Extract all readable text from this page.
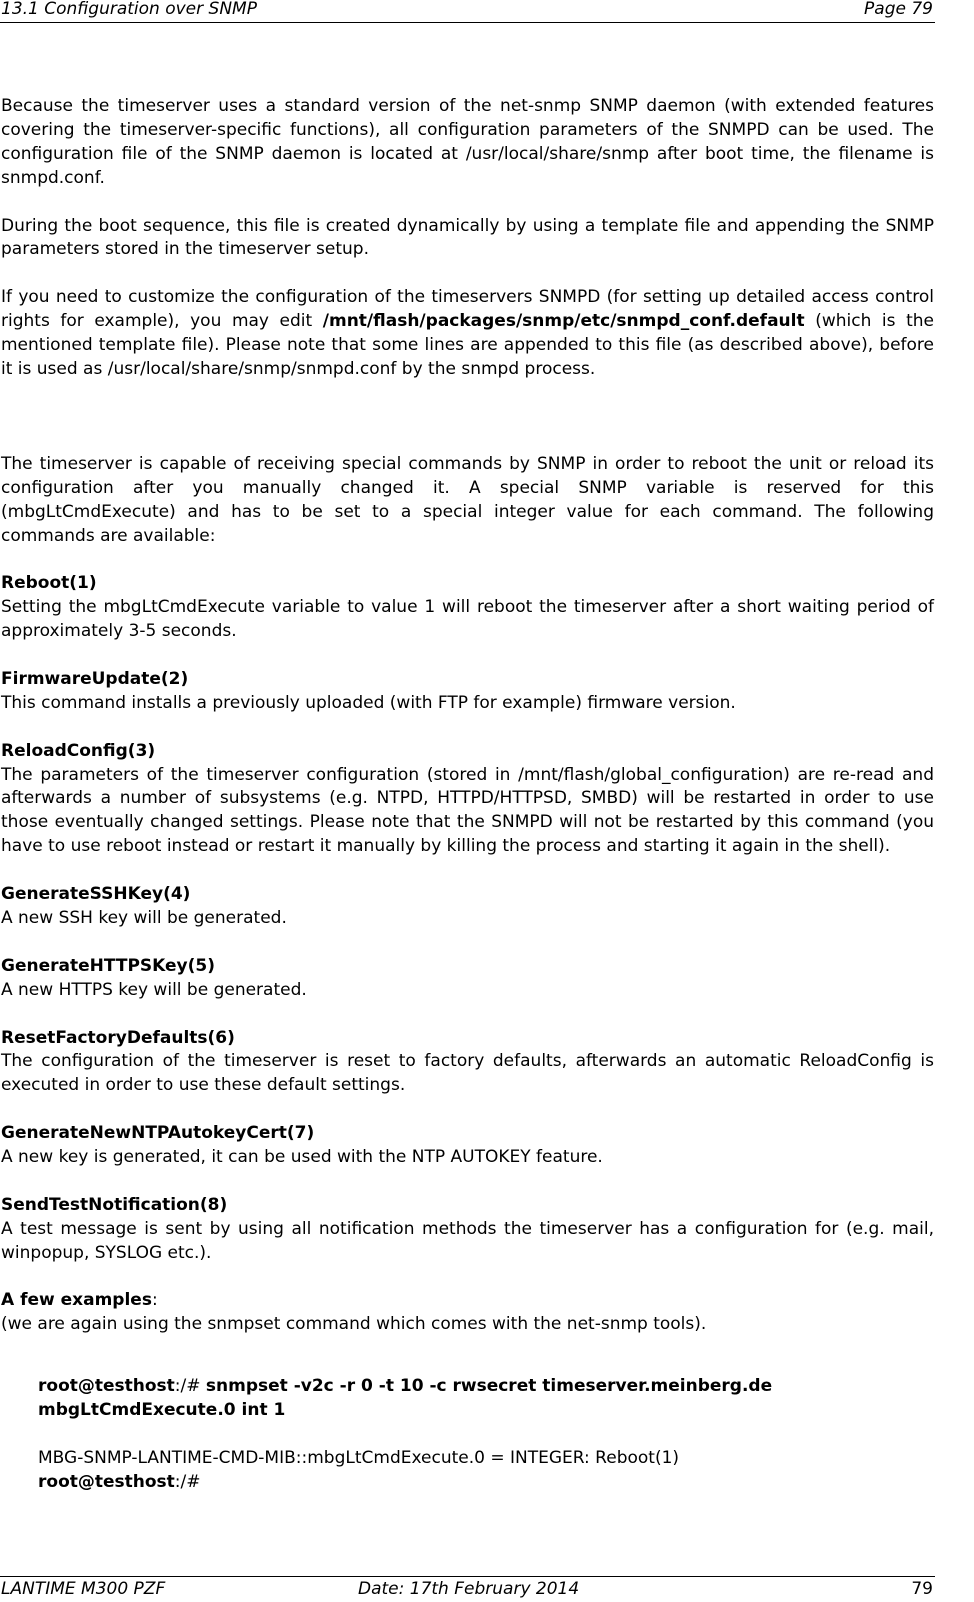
13.1 Configuration over SNMP	Page 79

Because the timeserver uses a standard version of the net-snmp SNMP daemon (with extended features covering the timeserver-specific functions), all configuration parameters of the SNMPD can be used. The configuration file of the SNMP daemon is located at /usr/local/share/snmp after boot time, the filename is snmpd.conf.

During the boot sequence, this file is created dynamically by using a template file and appending the SNMP parameters stored in the timeserver setup.

If you need to customize the configuration of the timeservers SNMPD (for setting up detailed access control rights for example), you may edit /mnt/flash/packages/snmp/etc/snmpd_conf.default (which is the mentioned template file). Please note that some lines are appended to this file (as described above), before it is used as /usr/local/share/snmp/snmpd.conf by the snmpd process.

The timeserver is capable of receiving special commands by SNMP in order to reboot the unit or reload its configuration after you manually changed it. A special SNMP variable is reserved for this (mbgLtCmdExecute) and has to be set to a special integer value for each command. The following commands are available:

Reboot(1)

Setting the mbgLtCmdExecute variable to value 1 will reboot the timeserver after a short waiting period of approximately 3-5 seconds.

FirmwareUpdate(2)

This command installs a previously uploaded (with FTP for example) firmware version.

ReloadConfig(3)

The parameters of the timeserver configuration (stored in /mnt/flash/global_configuration) are re-read and afterwards a number of subsystems (e.g. NTPD, HTTPD/HTTPSD, SMBD) will be restarted in order to use those eventually changed settings. Please note that the SNMPD will not be restarted by this command (you have to use reboot instead or restart it manually by killing the process and starting it again in the shell).

GenerateSSHKey(4)

A new SSH key will be generated.

GenerateHTTPSKey(5)

A new HTTPS key will be generated.

ResetFactoryDefaults(6)

The configuration of the timeserver is reset to factory defaults, afterwards an automatic ReloadConfig is executed in order to use these default settings.

GenerateNewNTPAutokeyCert(7)

A new key is generated, it can be used with the NTP AUTOKEY feature.

SendTestNotification(8)

A test message is sent by using all notification methods the timeserver has a configuration for (e.g. mail, winpopup, SYSLOG etc.).

A few examples:

(we are again using the snmpset command which comes with the net-snmp tools).

root@testhost:/# snmpset -v2c -r 0 -t 10 -c rwsecret timeserver.meinberg.de
mbgLtCmdExecute.0 int 1
MBG-SNMP-LANTIME-CMD-MIB::mbgLtCmdExecute.0 = INTEGER: Reboot(1)
root@testhost:/#
LANTIME M300 PZF	Date: 17th February 2014	79
